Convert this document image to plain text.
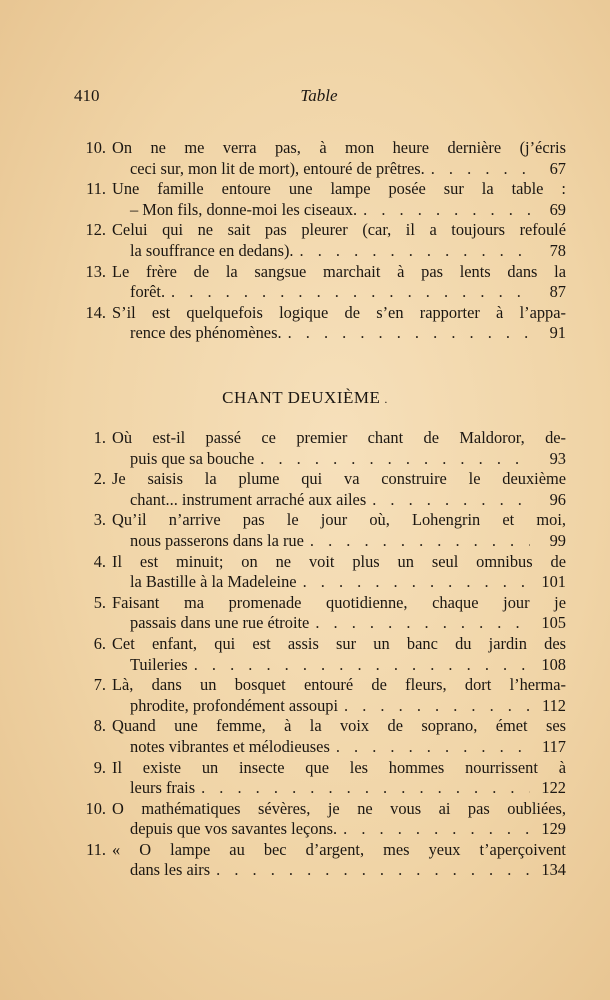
410	Table
10. On ne me verra pas, à mon heure dernière (j’écris
ceci sur, mon lit de mort), entouré de prêtres. . . .	67
11. Une famille entoure une lampe posée sur la table :
– Mon fils, donne-moi les ciseaux. . . .	69
12. Celui qui ne sait pas pleurer (car, il a toujours refoulé
la souffrance en dedans). . . .	78
13. Le frère de la sangsue marchait à pas lents dans la
forêt. . . .	87
14. S’il est quelquefois logique de s’en rapporter à l’appa-
rence des phénomènes. . . .	91
CHANT DEUXIÈME .
1. Où est-il passé ce premier chant de Maldoror, de-
puis que sa bouche . . .	93
2. Je saisis la plume qui va construire le deuxième
chant... instrument arraché aux ailes . . .	96
3. Qu’il n’arrive pas le jour où, Lohengrin et moi,
nous passerons dans la rue . . .	99
4. Il est minuit; on ne voit plus un seul omnibus de
la Bastille à la Madeleine . . .	101
5. Faisant ma promenade quotidienne, chaque jour je
passais dans une rue étroite . . .	105
6. Cet enfant, qui est assis sur un banc du jardin des
Tuileries . . .	108
7. Là, dans un bosquet entouré de fleurs, dort l’herma-
phrodite, profondément assoupi . . .	112
8. Quand une femme, à la voix de soprano, émet ses
notes vibrantes et mélodieuses . . .	117
9. Il existe un insecte que les hommes nourrissent à
leurs frais . . .	122
10. O mathématiques sévères, je ne vous ai pas oubliées,
depuis que vos savantes leçons. . . .	129
11. « O lampe au bec d’argent, mes yeux t’aperçoivent
dans les airs . . .	134
